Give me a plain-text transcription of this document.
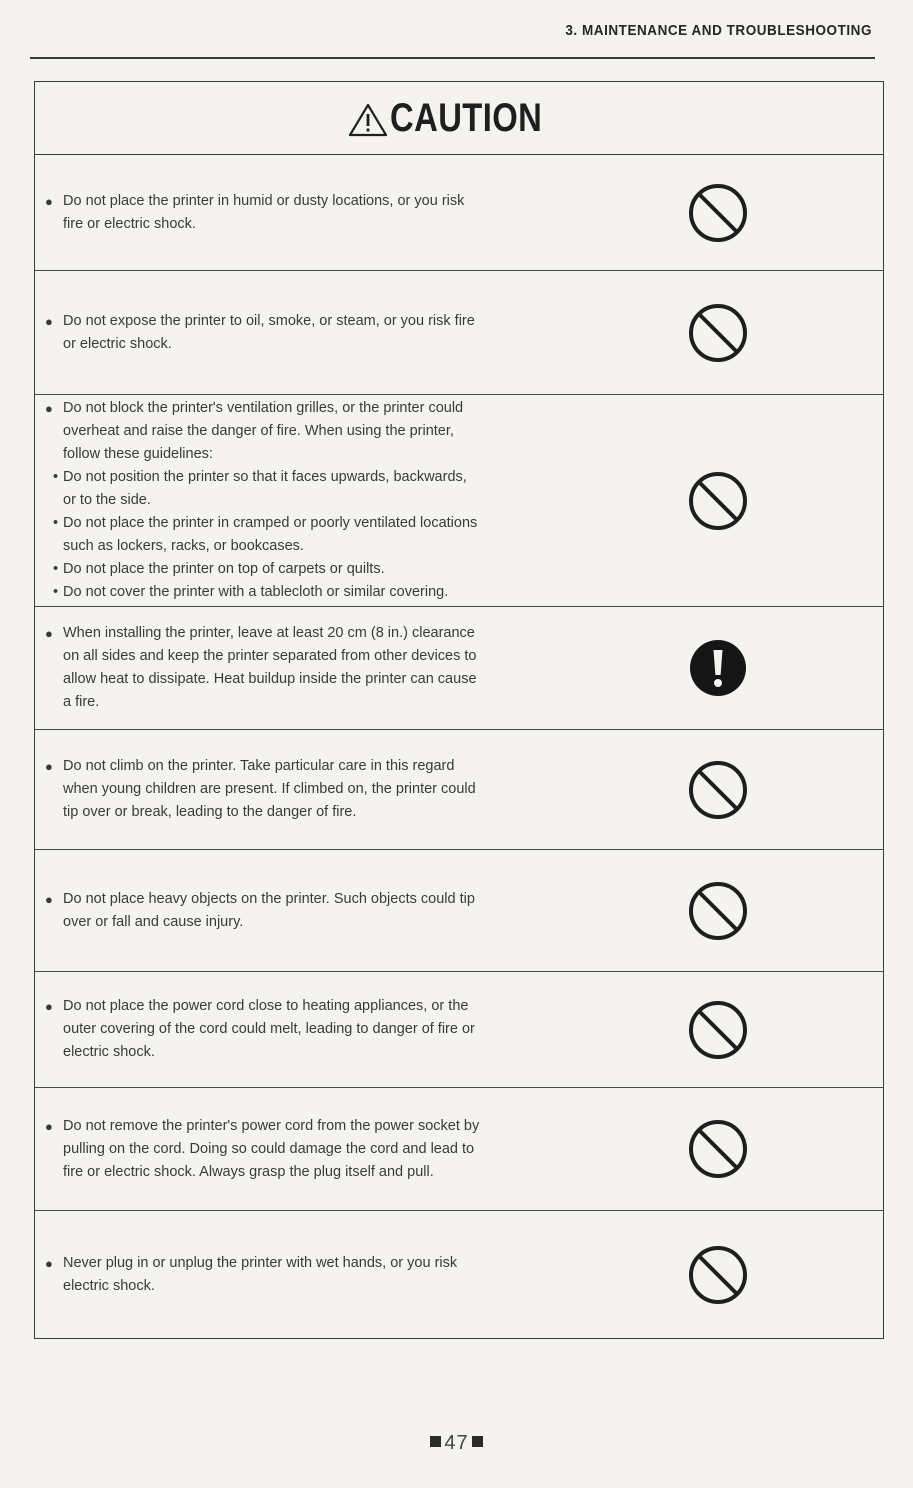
3. MAINTENANCE AND TROUBLESHOOTING
CAUTION
● Do not place the printer in humid or dusty locations, or you risk
fire or electric shock.
● Do not expose the printer to oil, smoke, or steam, or you risk fire
or electric shock.
● Do not block the printer's ventilation grilles, or the printer could
overheat and raise the danger of fire. When using the printer,
follow these guidelines:
• Do not position the printer so that it faces upwards, backwards,
or to the side.
• Do not place the printer in cramped or poorly ventilated locations
such as lockers, racks, or bookcases.
• Do not place the printer on top of carpets or quilts.
• Do not cover the printer with a tablecloth or similar covering.
● When installing the printer, leave at least 20 cm (8 in.) clearance
on all sides and keep the printer separated from other devices to
allow heat to dissipate. Heat buildup inside the printer can cause
a fire.
● Do not climb on the printer. Take particular care in this regard
when young children are present. If climbed on, the printer could
tip over or break, leading to the danger of fire.
● Do not place heavy objects on the printer. Such objects could tip
over or fall and cause injury.
● Do not place the power cord close to heating appliances, or the
outer covering of the cord could melt, leading to danger of fire or
electric shock.
● Do not remove the printer's power cord from the power socket by
pulling on the cord. Doing so could damage the cord and lead to
fire or electric shock. Always grasp the plug itself and pull.
● Never plug in or unplug the printer with wet hands, or you risk
electric shock.
47
